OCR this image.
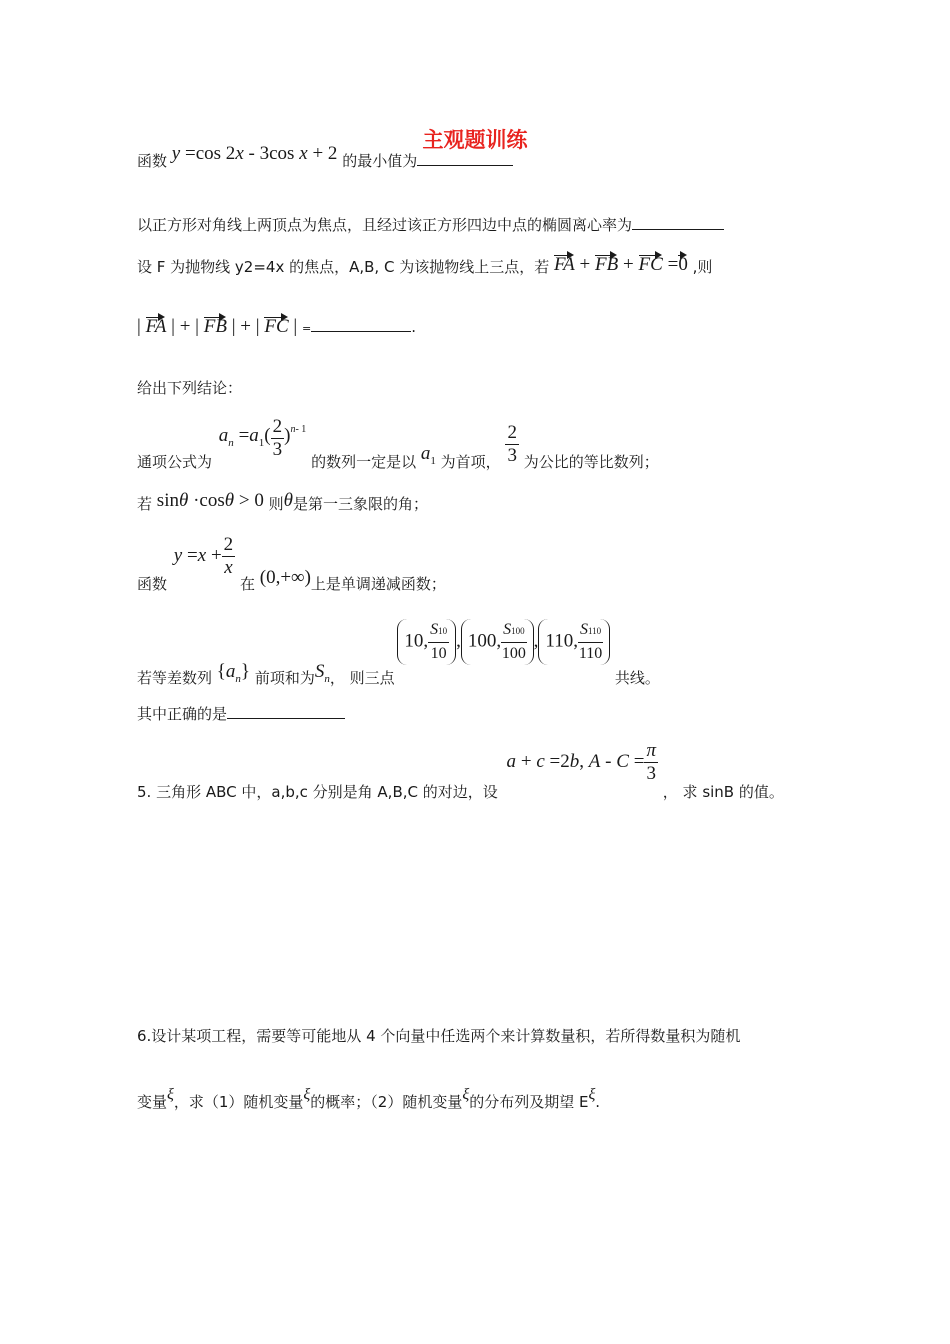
主观题训练
函数 y =cos 2x - 3cos x + 2 的最小值为
以正方形对角线上两顶点为焦点，且经过该正方形四边中点的椭圆离心率为
设 F 为抛物线 y2=4x 的焦点，A,B, C 为该抛物线上三点，若 FA + FB + FC =0 ,则
| FA | + | FB | + | FC | =	.
给出下列结论：
通项公式为 $a_n =a_1( \frac{2}{3} )^{n- 1}$ 的数列一定是以 $a_1$ 为首项， $\frac{2}{3}$ 为公比的等比数列；
若 sinθ ·cosθ > 0 则θ是第一三象限的角；
函数 $y =x + \frac{2}{x}$
在 (0,+∞)上是单调递减函数；
若等差数列 $\{a_n\}$ 前项和为$S_n$， 则三点 10, $\frac{S10}{10}$ , 100, $\frac{S100}{100}$ , 110, $\frac{S110}{110}$
共线。
其中正确的是
5. 三角形 ABC 中，a,b,c 分别是角 A,B,C 的对边，设 a + c =2b, $A - C = \frac{\pi}{3}$
， 求 sinB 的值。
6.设计某项工程，需要等可能地从 4 个向量中任选两个来计算数量积，若所得数量积为随机
变量ξ，求（1）随机变量ξ的概率；（2）随机变量ξ的分布列及期望 Eξ.
